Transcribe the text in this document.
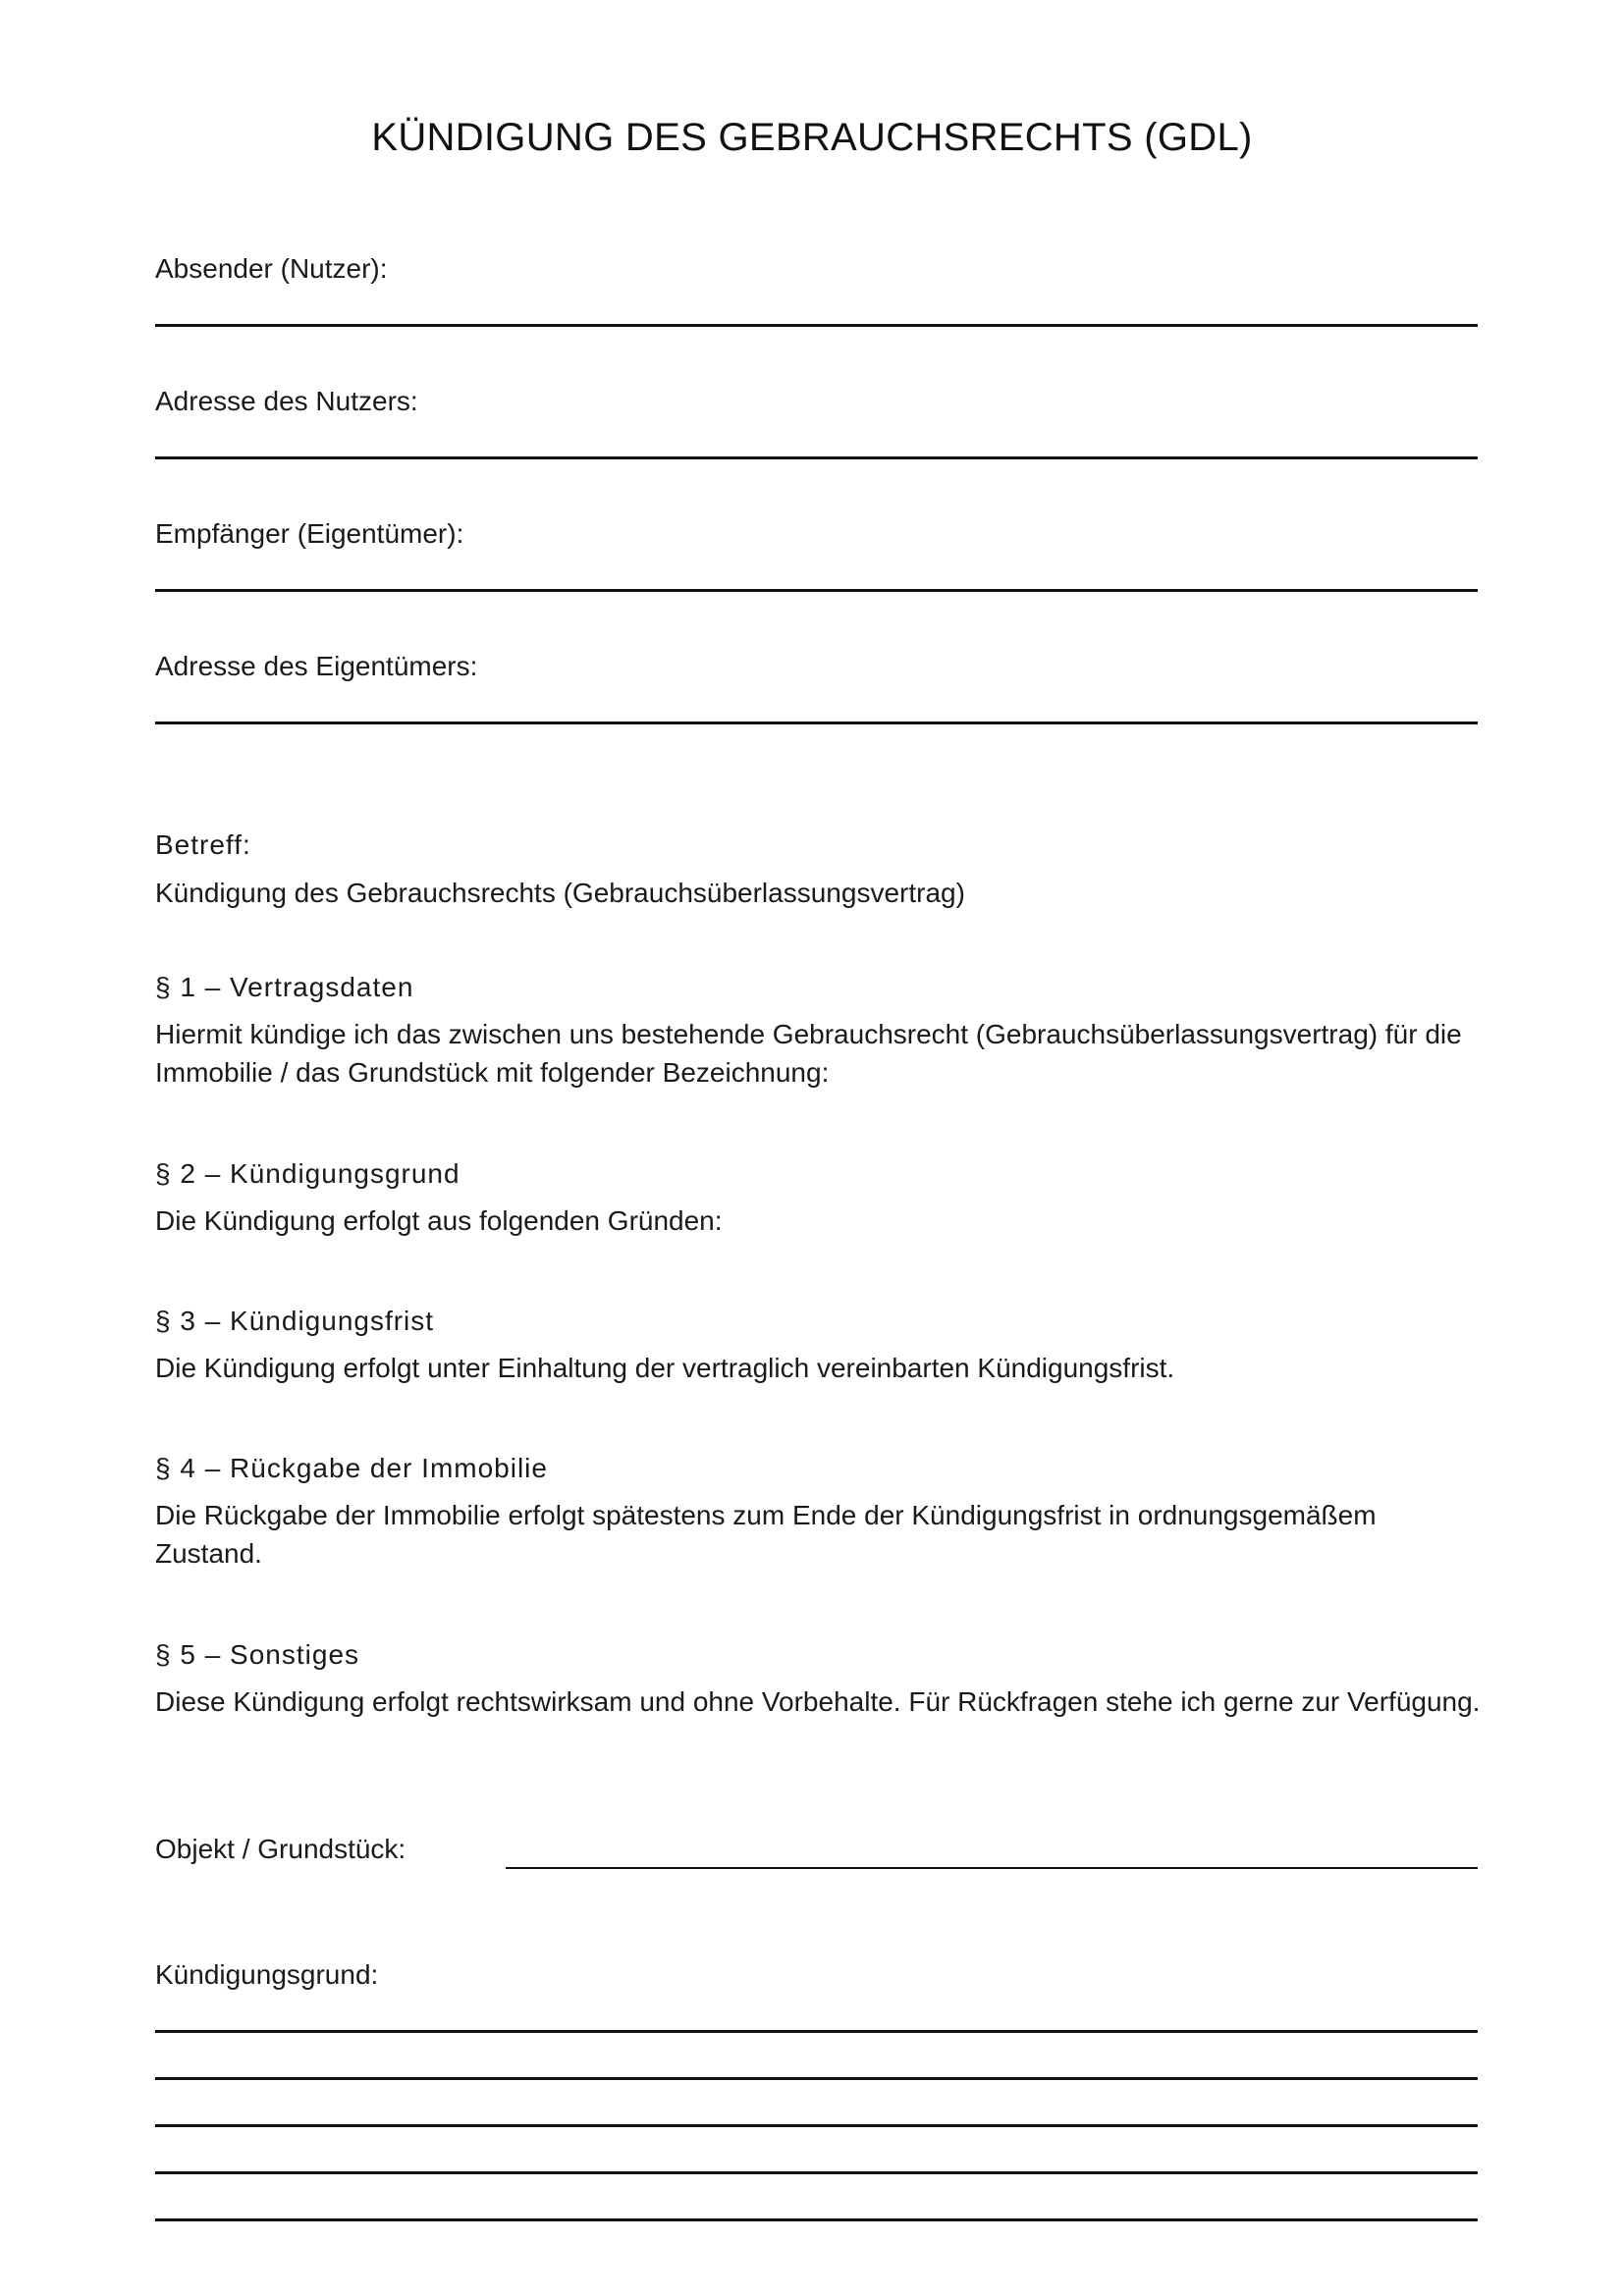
KÜNDIGUNG DES GEBRAUCHSRECHTS (GDL)
Absender (Nutzer):
Adresse des Nutzers:
Empfänger (Eigentümer):
Adresse des Eigentümers:
Betreff:
Kündigung des Gebrauchsrechts (Gebrauchsüberlassungsvertrag)
§ 1 – Vertragsdaten
Hiermit kündige ich das zwischen uns bestehende Gebrauchsrecht (Gebrauchsüberlassungsvertrag) für die Immobilie / das Grundstück mit folgender Bezeichnung:
§ 2 – Kündigungsgrund
Die Kündigung erfolgt aus folgenden Gründen:
§ 3 – Kündigungsfrist
Die Kündigung erfolgt unter Einhaltung der vertraglich vereinbarten Kündigungsfrist.
§ 4 – Rückgabe der Immobilie
Die Rückgabe der Immobilie erfolgt spätestens zum Ende der Kündigungsfrist in ordnungsgemäßem Zustand.
§ 5 – Sonstiges
Diese Kündigung erfolgt rechtswirksam und ohne Vorbehalte. Für Rückfragen stehe ich gerne zur Verfügung.
Objekt / Grundstück:
Kündigungsgrund:
